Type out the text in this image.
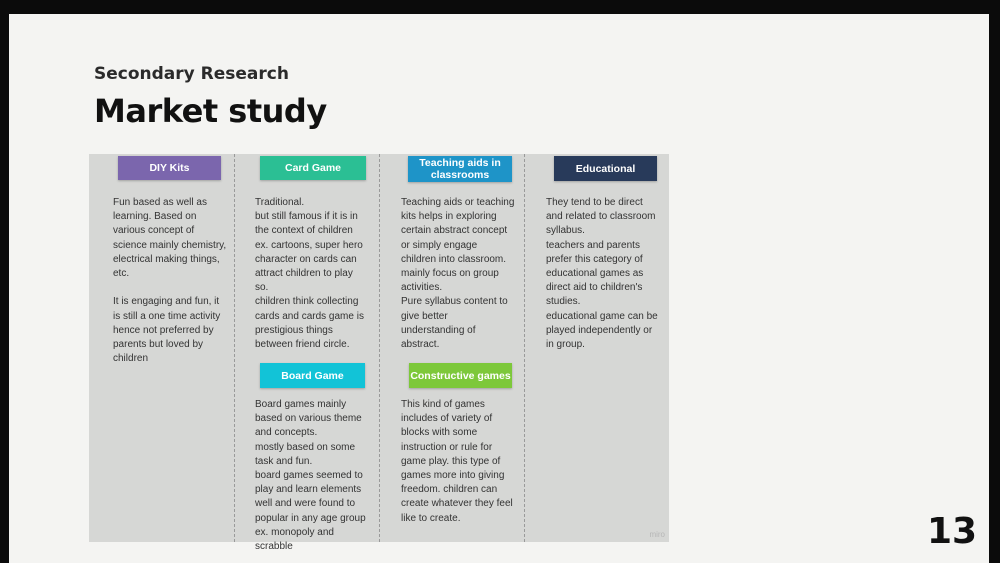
Secondary Research
Market study
DIY Kits

Fun based as well as
learning. Based on
various concept of
science mainly chemistry,
electrical making things,
etc.

It is engaging and fun, it
is still a one time activity
hence not preferred by
parents but loved by
children

Card Game

Traditional.
but still famous if it is in
the context of children
ex. cartoons, super hero
character on cards can
attract children to play
so.
children think collecting
cards and cards game is
prestigious things
between friend circle.

Teaching aids in classrooms

Teaching aids or teaching
kits helps in exploring
certain abstract concept
or simply engage
children into classroom.
mainly focus on group
activities.
Pure syllabus content to
give better
understanding of
abstract.

Educational

They tend to be direct
and related to classroom
syllabus.
teachers and parents
prefer this category of
educational games as
direct aid to children's
studies.
educational game can be
played independently or
in group.

Board Game

Board games mainly
based on various theme
and concepts.
mostly based on some
task and fun.
board games seemed to
play and learn elements
well and were found to
popular in any age group
ex. monopoly and
scrabble

Constructive games

This kind of games
includes of variety of
blocks with some
instruction or rule for
game play. this type of
games more into giving
freedom. children can
create whatever they feel
like to create.

miro	13
